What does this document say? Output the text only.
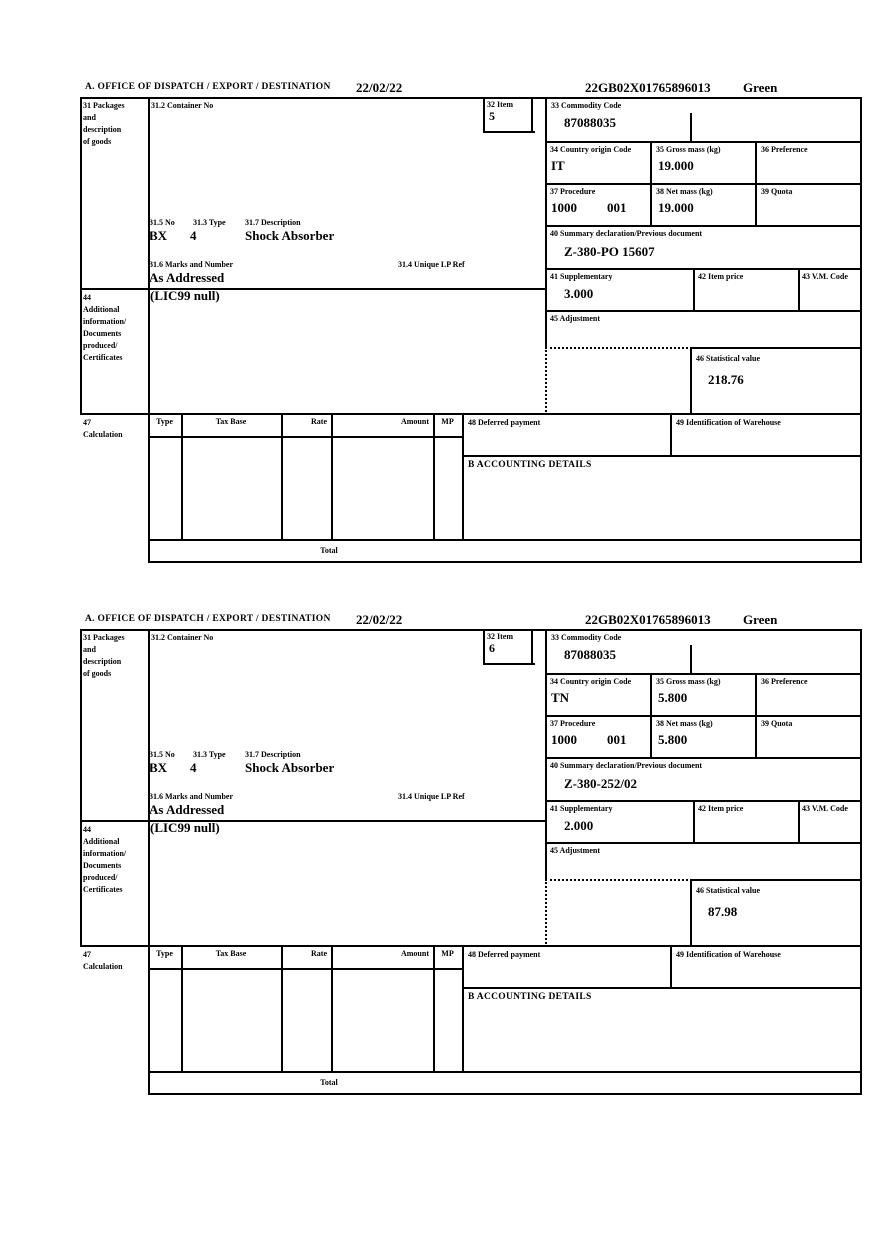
A. OFFICE OF DISPATCH / EXPORT / DESTINATION 22/02/22	22GB02X01765896013 Green
31 Packages
and
description
of goods
31.2 Container No	32 Item
5
33 Commodity Code
87088035
34 Country origin Code
IT
35 Gross mass (kg)
19.000
36 Preference
37 Procedure
1000 001
38 Net mass (kg)
19.000
39 Quota
40 Summary declaration/Previous document
Z-380-PO 15607
41 Supplementary
3.000
42 Item price	43 V.M. Code
45 Adjustment
46 Statistical value
218.76
31.5 No 31.3 Type 31.7 Description
BX 4	Shock Absorber
31.6 Marks and Number	31.4 Unique LP Ref
As Addressed
44
Additional
information/
Documents
produced/
Certificates
(LIC99 null)
47
Calculation
Type	Tax Base	Rate	Amount	MP	48 Deferred payment	49 Identification of Warehouse
B ACCOUNTING DETAILS
Total
A. OFFICE OF DISPATCH / EXPORT / DESTINATION 22/02/22	22GB02X01765896013 Green
31 Packages
and
description
of goods
31.2 Container No	32 Item
6
33 Commodity Code
87088035
34 Country origin Code
TN
35 Gross mass (kg)
5.800
36 Preference
37 Procedure
1000 001
38 Net mass (kg)
5.800
39 Quota
40 Summary declaration/Previous document
Z-380-252/02
41 Supplementary
2.000
42 Item price	43 V.M. Code
45 Adjustment
46 Statistical value
87.98
31.5 No 31.3 Type 31.7 Description
BX 4	Shock Absorber
31.6 Marks and Number	31.4 Unique LP Ref
As Addressed
44
Additional
information/
Documents
produced/
Certificates
(LIC99 null)
47
Calculation
Type	Tax Base	Rate	Amount	MP	48 Deferred payment	49 Identification of Warehouse
B ACCOUNTING DETAILS
Total
